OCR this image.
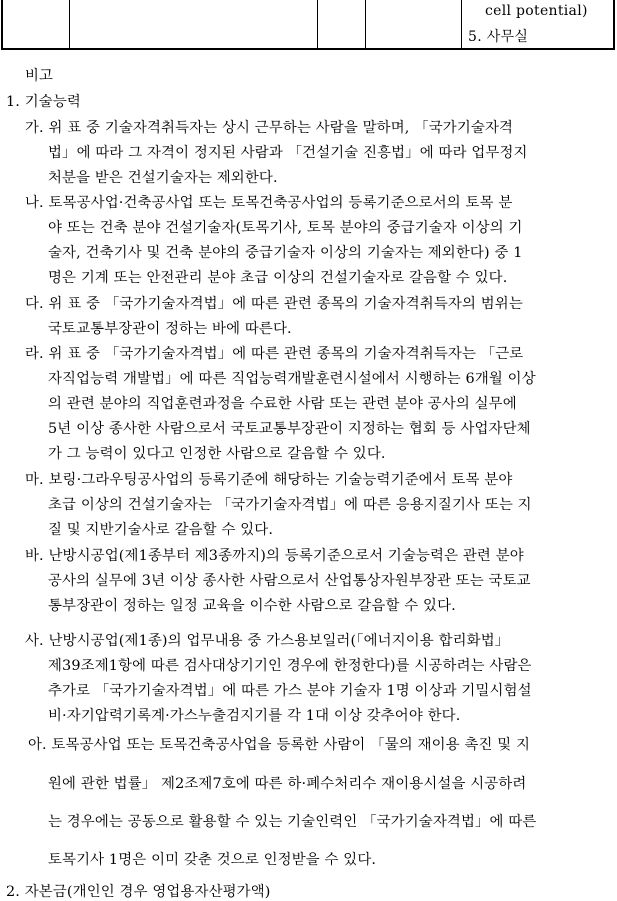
cell potential)
5. 사무실
비고
1. 기술능력
가. 위 표 중 기술자격취득자는 상시 근무하는 사람을 말하며, 「국가기술자격
법」에 따라 그 자격이 정지된 사람과 「건설기술 진흥법」에 따라 업무정지
처분을 받은 건설기술자는 제외한다.
나. 토목공사업·건축공사업 또는 토목건축공사업의 등록기준으로서의 토목 분
야 또는 건축 분야 건설기술자(토목기사, 토목 분야의 중급기술자 이상의 기
술자, 건축기사 및 건축 분야의 중급기술자 이상의 기술자는 제외한다) 중 1
명은 기계 또는 안전관리 분야 초급 이상의 건설기술자로 갈음할 수 있다.
다. 위 표 중 「국가기술자격법」에 따른 관련 종목의 기술자격취득자의 범위는
국토교통부장관이 정하는 바에 따른다.
라. 위 표 중 「국가기술자격법」에 따른 관련 종목의 기술자격취득자는 「근로
자직업능력 개발법」에 따른 직업능력개발훈련시설에서 시행하는 6개월 이상
의 관련 분야의 직업훈련과정을 수료한 사람 또는 관련 분야 공사의 실무에
5년 이상 종사한 사람으로서 국토교통부장관이 지정하는 협회 등 사업자단체
가 그 능력이 있다고 인정한 사람으로 갈음할 수 있다.
마. 보링·그라우팅공사업의 등록기준에 해당하는 기술능력기준에서 토목 분야
초급 이상의 건설기술자는 「국가기술자격법」에 따른 응용지질기사 또는 지
질 및 지반기술사로 갈음할 수 있다.
바. 난방시공업(제1종부터 제3종까지)의 등록기준으로서 기술능력은 관련 분야
공사의 실무에 3년 이상 종사한 사람으로서 산업통상자원부장관 또는 국토교
통부장관이 정하는 일정 교육을 이수한 사람으로 갈음할 수 있다.
사. 난방시공업(제1종)의 업무내용 중 가스용보일러(「에너지이용 합리화법」
제39조제1항에 따른 검사대상기기인 경우에 한정한다)를 시공하려는 사람은
추가로 「국가기술자격법」에 따른 가스 분야 기술자 1명 이상과 기밀시험설
비·자기압력기록계·가스누출검지기를 각 1대 이상 갖추어야 한다.
아. 토목공사업 또는 토목건축공사업을 등록한 사람이 「물의 재이용 촉진 및 지
원에 관한 법률」 제2조제7호에 따른 하·폐수처리수 재이용시설을 시공하려
는 경우에는 공동으로 활용할 수 있는 기술인력인 「국가기술자격법」에 따른
토목기사 1명은 이미 갖춘 것으로 인정받을 수 있다.
2. 자본금(개인인 경우 영업용자산평가액)
